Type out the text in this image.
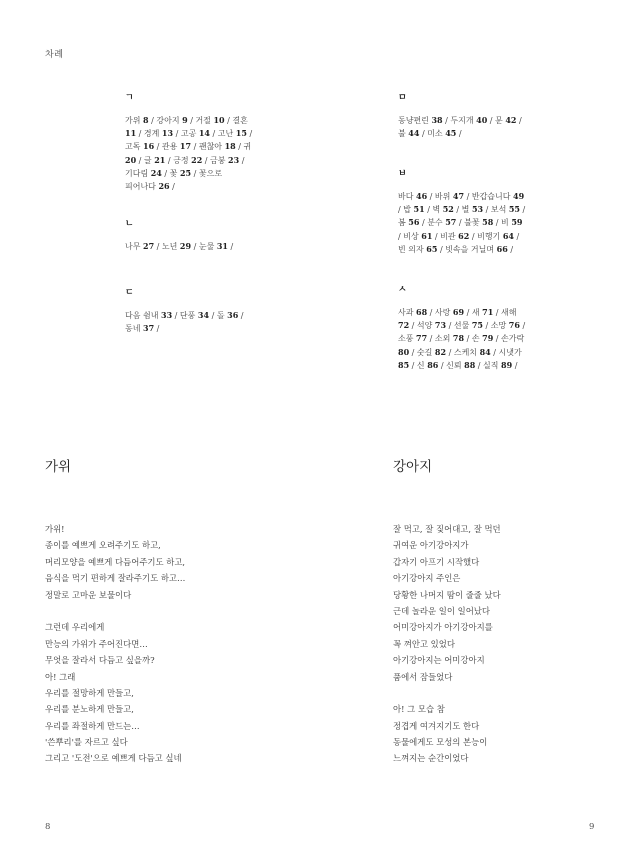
차례
ㄱ
가위 8 / 강아지 9 / 거절 10 / 결혼 11 / 경계 13 / 고공 14 / 고난 15 / 고독 16 / 관용 17 / 괜찮아 18 / 귀 20 / 글 21 / 긍정 22 / 금붕 23 / 기다림 24 / 꽃 25 / 꽃으로 피어나다 26 /
ㄴ
나무 27 / 노년 29 / 눈물 31 /
ㄷ
다음 쉼내 33 / 단풍 34 / 돌 36 / 동네 37 /
ㅁ
동냥편린 38 / 두지개 40 / 문 42 / 불 44 / 미소 45 /
ㅂ
바다 46 / 바위 47 / 반갑습니다 49 / 밥 51 / 벽 52 / 별 53 / 보석 55 / 봄 56 / 분수 57 / 불꽃 58 / 비 59 / 비상 61 / 비관 62 / 비행기 64 / 빈 의자 65 / 빗속을 거닐며 66 /
ㅅ
사과 68 / 사랑 69 / 새 71 / 새해 72 / 석양 73 / 선물 75 / 소망 76 / 소풍 77 / 소외 78 / 손 79 / 손가락 80 / 숫길 82 / 스케치 84 / 시냇가 85 / 신 86 / 신뢰 88 / 실직 89 /
가위
가위!
종이를 예쁘게 오려주기도 하고,
머리모양을 예쁘게 다듬어주기도 하고,
음식을 먹기 편하게 잘라주기도 하고…
정말로 고마운 보물이다
그런데 우리에게
만능의 가위가 주어진다면…
무엇을 잘라서 다듬고 싶을까?
아! 그래
우리를 절망하게 만들고,
우리를 분노하게 만들고,
우리를 좌절하게 만드는…
'쓴뿌리'를 자르고 싶다
그리고 '도전'으로 예쁘게 다듬고 싶네
강아지
잘 먹고, 잘 짖어대고, 잘 먹던
귀여운 아기강아지가
갑자기 아프기 시작했다
아기강아지 주인은
당황한 나머지 땀이 줄줄 났다
근데 놀라운 일이 일어났다
어미강아지가 아기강아지를
꼭 껴안고 있었다
아기강아지는 어미강아지
품에서 잠들었다
아! 그 모습 참
정겹게 여겨지기도 한다
동물에게도 모성의 본능이
느껴지는 순간이었다
8	9
